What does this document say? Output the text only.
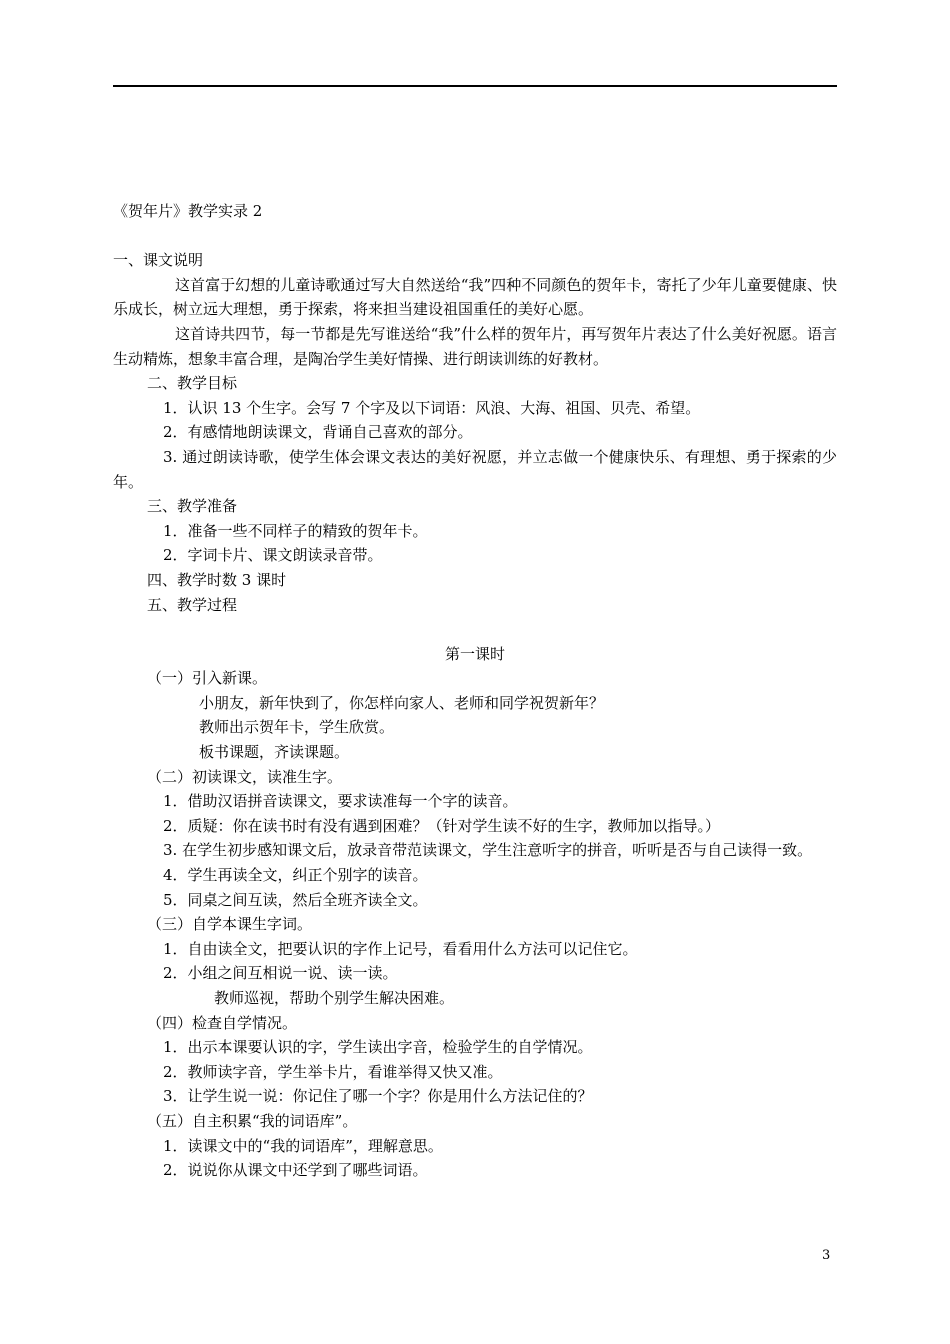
《贺年片》教学实录 2

一、课文说明

这首富于幻想的儿童诗歌通过写大自然送给“我”四种不同颜色的贺年卡，寄托了少年儿童要健康、快乐成长，树立远大理想，勇于探索，将来担当建设祖国重任的美好心愿。

这首诗共四节，每一节都是先写谁送给“我”什么样的贺年片，再写贺年片表达了什么美好祝愿。语言生动精炼，想象丰富合理，是陶冶学生美好情操、进行朗读训练的好教材。

二、教学目标

1．认识 13 个生字。会写 7 个字及以下词语：风浪、大海、祖国、贝壳、希望。

2．有感情地朗读课文，背诵自己喜欢的部分。

3. 通过朗读诗歌，使学生体会课文表达的美好祝愿，并立志做一个健康快乐、有理想、勇于探索的少年。

三、教学准备

1．准备一些不同样子的精致的贺年卡。

2．字词卡片、课文朗读录音带。

四、教学时数 3 课时

五、教学过程

第一课时

（一）引入新课。

小朋友，新年快到了，你怎样向家人、老师和同学祝贺新年？

教师出示贺年卡，学生欣赏。

板书课题，齐读课题。

（二）初读课文，读准生字。

1．借助汉语拼音读课文，要求读准每一个字的读音。

2．质疑：你在读书时有没有遇到困难？（针对学生读不好的生字，教师加以指导。）

3. 在学生初步感知课文后，放录音带范读课文，学生注意听字的拼音，听听是否与自己读得一致。

4．学生再读全文，纠正个别字的读音。

5．同桌之间互读，然后全班齐读全文。

（三）自学本课生字词。

1．自由读全文，把要认识的字作上记号，看看用什么方法可以记住它。

2．小组之间互相说一说、读一读。

教师巡视，帮助个别学生解决困难。

（四）检查自学情况。

1．出示本课要认识的字，学生读出字音，检验学生的自学情况。

2．教师读字音，学生举卡片，看谁举得又快又准。

3．让学生说一说：你记住了哪一个字？你是用什么方法记住的？

（五）自主积累“我的词语库”。

1．读课文中的“我的词语库”，理解意思。

2．说说你从课文中还学到了哪些词语。

3
